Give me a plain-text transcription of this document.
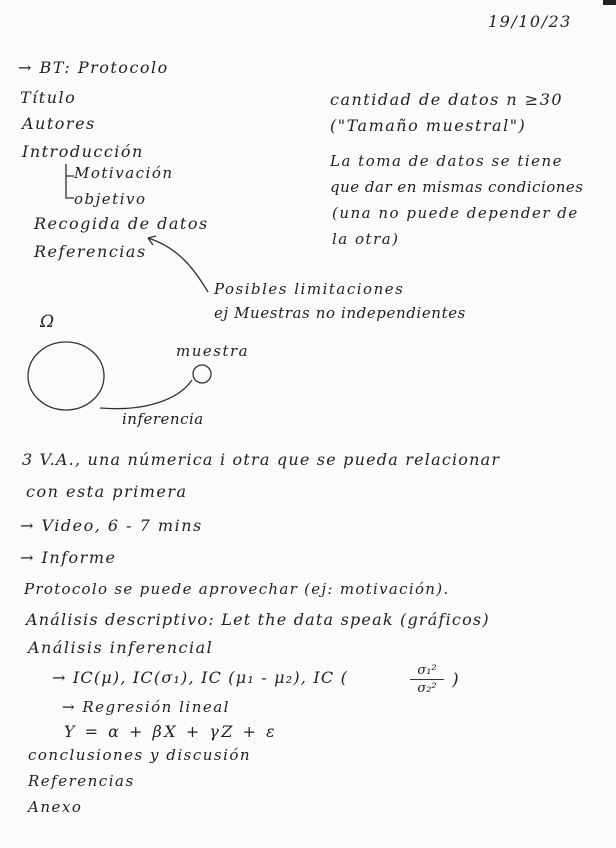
19/10/23
→ BT: Protocolo
Título
Autores
Introducción
Motivación
objetivo
Recogida de datos
Referencias
cantidad de datos n ≥30
("Tamaño muestral")
La toma de datos se tiene
que dar en mismas condiciones
(una no puede depender de
la otra)
Posibles limitaciones
ej Muestras no independientes
Ω
muestra
inferencia
3 V.A., una númerica i otra que se pueda relacionar
con esta primera
→ Video, 6 - 7 mins
→ Informe
Protocolo se puede aprovechar (ej: motivación).
Análisis descriptivo: Let the data speak (gráficos)
Análisis inferencial
→ IC(μ), IC(σ₁), IC (μ₁ - μ₂), IC (	σ₁²
σ₂² )
→ Regresión lineal
Y = α + βX + γZ + ε
conclusiones y discusión
Referencias
Anexo
